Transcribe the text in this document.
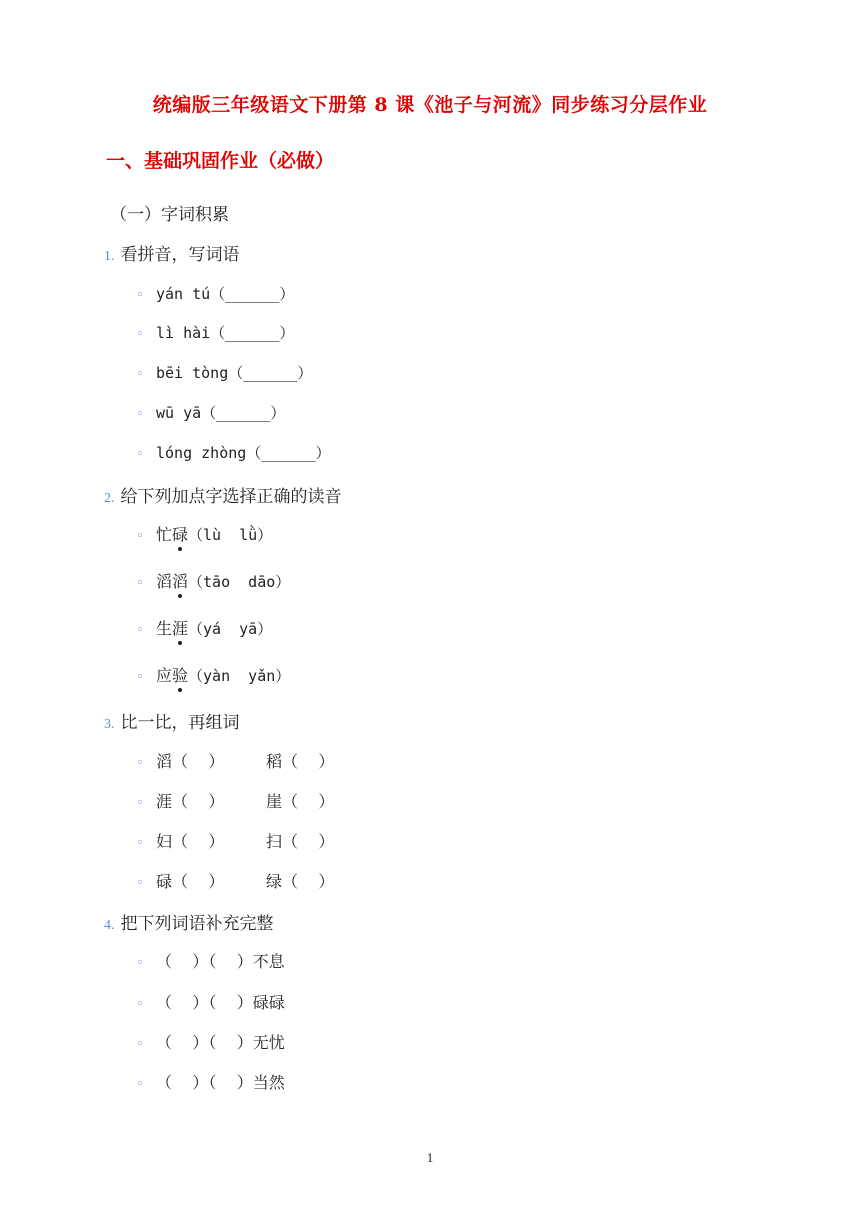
统编版三年级语文下册第 8 课《池子与河流》同步练习分层作业
一、基础巩固作业（必做）
（一）字词积累
1. 看拼音，写词语
◦ yán tú（______）
◦ lì hài（______）
◦ bēi tòng（______）
◦ wū yā（______）
◦ lóng zhòng（______）
2. 给下列加点字选择正确的读音
◦ 忙碌（lù  lǜ）
◦ 滔滔（tāo  dāo）
◦ 生涯（yá  yā）
◦ 应验（yàn  yǎn）
3. 比一比，再组词
◦ 滔（    ）	稻（    ）
◦ 涯（    ）	崖（    ）
◦ 妇（    ）	扫（    ）
◦ 碌（    ）	绿（    ）
4. 把下列词语补充完整
◦ （    ）（    ）不息
◦ （    ）（    ）碌碌
◦ （    ）（    ）无忧
◦ （    ）（    ）当然
1
